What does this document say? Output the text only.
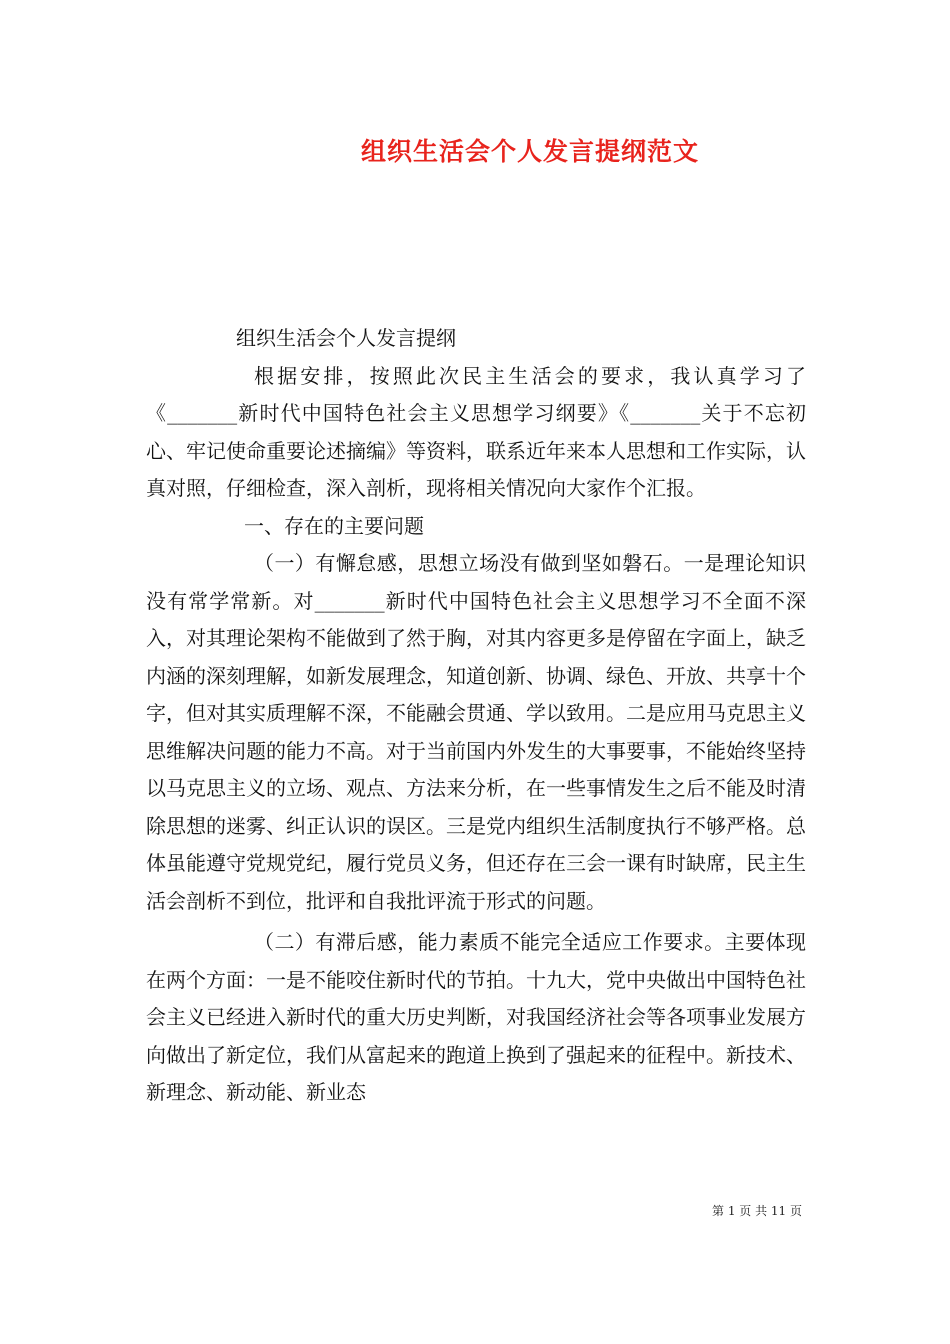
组织生活会个人发言提纲范文

组织生活会个人发言提纲

根据安排，按照此次民主生活会的要求，我认真学习了《_______新时代中国特色社会主义思想学习纲要》《_______关于不忘初心、牢记使命重要论述摘编》等资料，联系近年来本人思想和工作实际，认真对照，仔细检查，深入剖析，现将相关情况向大家作个汇报。

一、存在的主要问题

（一）有懈怠感，思想立场没有做到坚如磐石。一是理论知识没有常学常新。对_______新时代中国特色社会主义思想学习不全面不深入，对其理论架构不能做到了然于胸，对其内容更多是停留在字面上，缺乏内涵的深刻理解，如新发展理念，知道创新、协调、绿色、开放、共享十个字，但对其实质理解不深，不能融会贯通、学以致用。二是应用马克思主义思维解决问题的能力不高。对于当前国内外发生的大事要事，不能始终坚持以马克思主义的立场、观点、方法来分析，在一些事情发生之后不能及时清除思想的迷雾、纠正认识的误区。三是党内组织生活制度执行不够严格。总体虽能遵守党规党纪，履行党员义务，但还存在三会一课有时缺席，民主生活会剖析不到位，批评和自我批评流于形式的问题。

（二）有滞后感，能力素质不能完全适应工作要求。主要体现在两个方面：一是不能咬住新时代的节拍。十九大，党中央做出中国特色社会主义已经进入新时代的重大历史判断，对我国经济社会等各项事业发展方向做出了新定位，我们从富起来的跑道上换到了强起来的征程中。新技术、新理念、新动能、新业态

第 1 页 共 11 页
